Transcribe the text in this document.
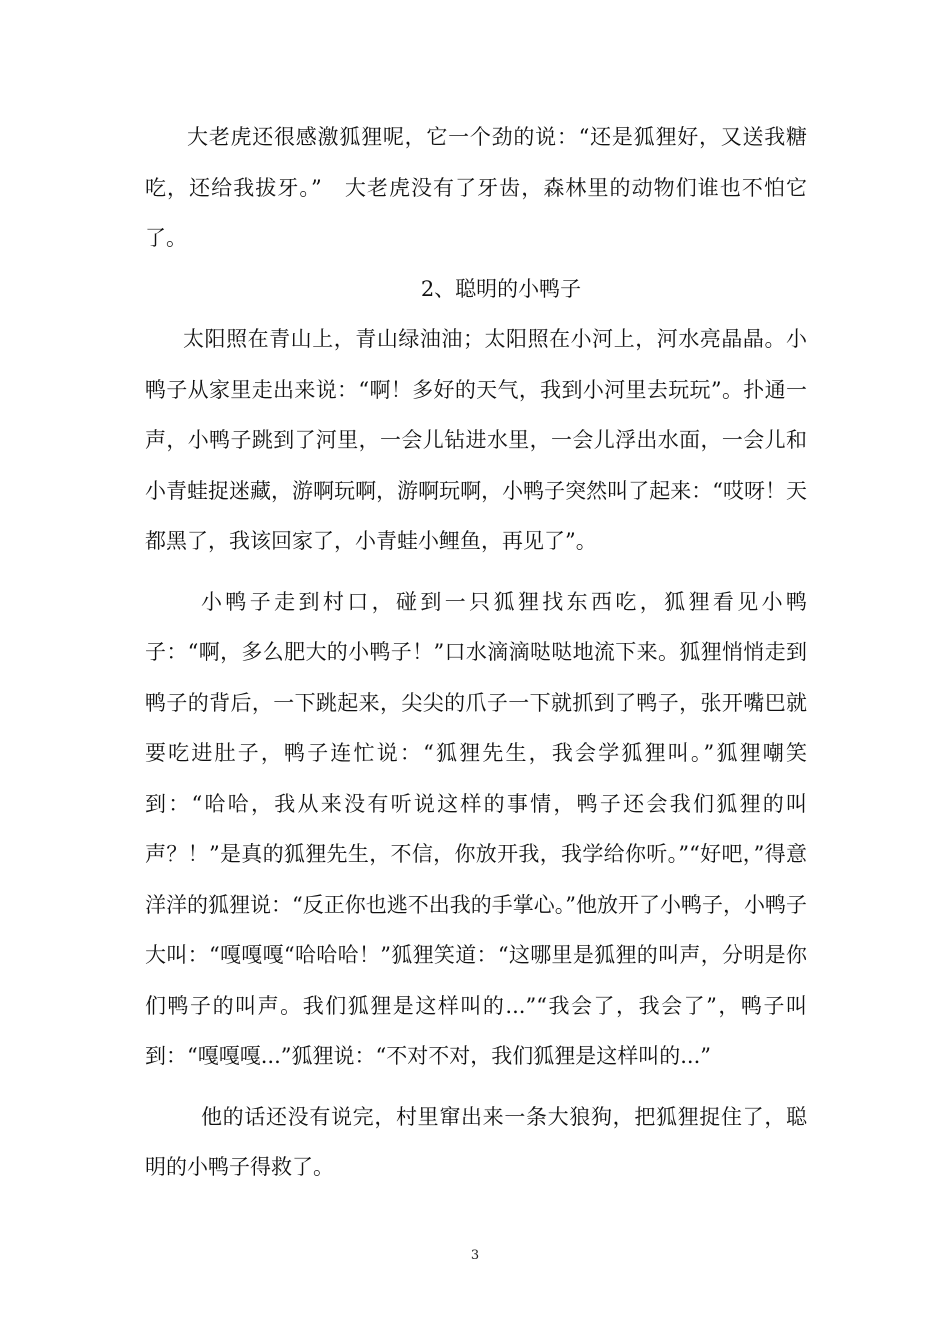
大老虎还很感激狐狸呢，它一个劲的说：“还是狐狸好，又送我糖吃，还给我拔牙。”　大老虎没有了牙齿，森林里的动物们谁也不怕它了。

2、聪明的小鸭子

太阳照在青山上，青山绿油油；太阳照在小河上，河水亮晶晶。小鸭子从家里走出来说：“啊！多好的天气，我到小河里去玩玩”。扑通一声，小鸭子跳到了河里，一会儿钻进水里，一会儿浮出水面，一会儿和小青蛙捉迷藏，游啊玩啊，游啊玩啊，小鸭子突然叫了起来：“哎呀！天都黑了，我该回家了，小青蛙小鲤鱼，再见了”。

小鸭子走到村口，碰到一只狐狸找东西吃，狐狸看见小鸭子：“啊，多么肥大的小鸭子！”口水滴滴哒哒地流下来。狐狸悄悄走到鸭子的背后，一下跳起来，尖尖的爪子一下就抓到了鸭子，张开嘴巴就要吃进肚子，鸭子连忙说：“狐狸先生，我会学狐狸叫。”狐狸嘲笑到：“哈哈，我从来没有听说这样的事情，鸭子还会我们狐狸的叫声？！”是真的狐狸先生，不信，你放开我，我学给你听。”“好吧，”得意洋洋的狐狸说：“反正你也逃不出我的手掌心。”他放开了小鸭子，小鸭子大叫：“嘎嘎嘎“哈哈哈！”狐狸笑道：“这哪里是狐狸的叫声，分明是你们鸭子的叫声。我们狐狸是这样叫的...”“我会了，我会了”，鸭子叫到：“嘎嘎嘎...”狐狸说：“不对不对，我们狐狸是这样叫的...”

他的话还没有说完，村里窜出来一条大狼狗，把狐狸捉住了，聪明的小鸭子得救了。

3
